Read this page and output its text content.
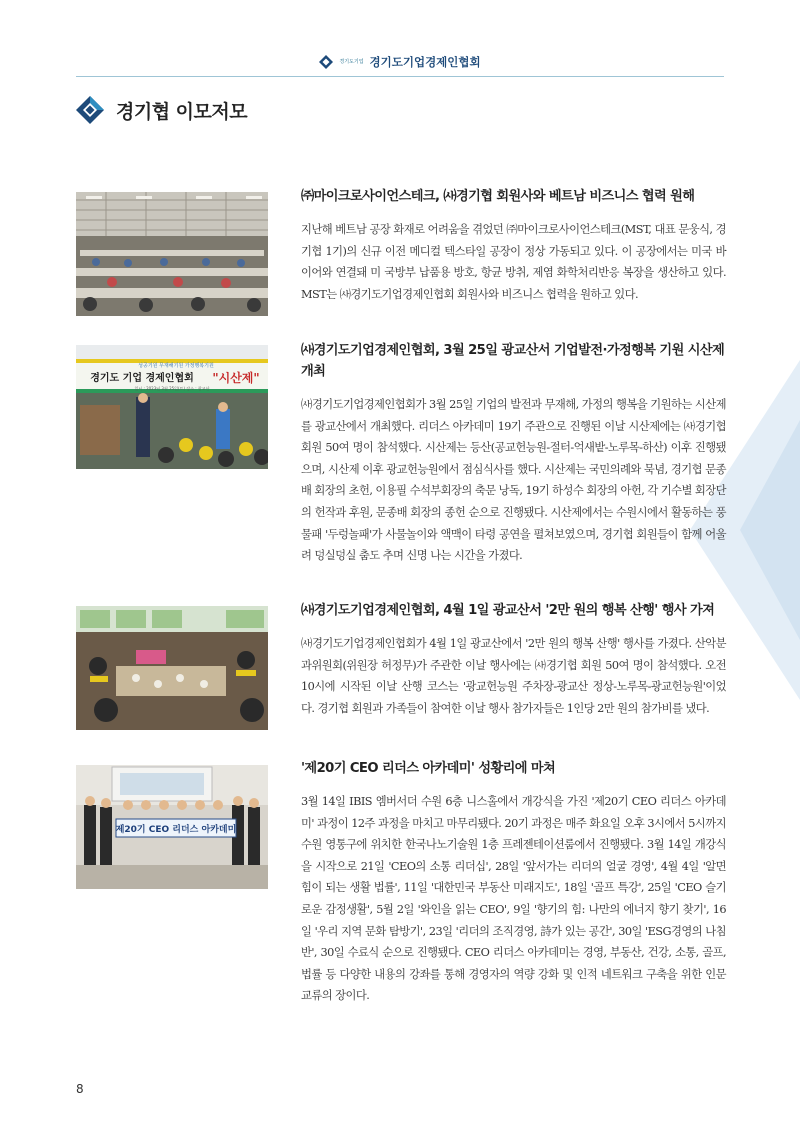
경기도기업 경기도기업경제인협회
경기협 이모저모
성공기원 무재해기원 가정행복기원
경기도 기업 경제인협회 "시산제"
일시 : 2023년 3월 25일(토) 장소 : 광교산
제20기 CEO 리더스 아카데미
㈜마이크로사이언스테크, ㈔경기협 회원사와 베트남 비즈니스 협력 원해

지난해 베트남 공장 화재로 어려움을 겪었던 ㈜마이크로사이언스테크(MST, 대표 문웅식, 경기협 1기)의 신규 이전 메디컬 텍스타일 공장이 정상 가동되고 있다. 이 공장에서는 미국 바이어와 연결돼 미 국방부 납품용 방호, 항균 방취, 제염 화학처리반응 복장을 생산하고 있다. MST는 ㈔경기도기업경제인협회 회원사와 비즈니스 협력을 원하고 있다.

㈔경기도기업경제인협회, 3월 25일 광교산서 기업발전·가정행복 기원 시산제 개최

㈔경기도기업경제인협회가 3월 25일 기업의 발전과 무재해, 가정의 행복을 기원하는 시산제를 광교산에서 개최했다. 리더스 아카데미 19기 주관으로 진행된 이날 시산제에는 ㈔경기협 회원 50여 명이 참석했다. 시산제는 등산(공교헌능원-절터-억새밭-노루목-하산) 이후 진행됐으며, 시산제 이후 광교헌능원에서 점심식사를 했다. 시산제는 국민의례와 묵념, 경기협 문종배 회장의 초헌, 이용필 수석부회장의 축문 낭독, 19기 하성수 회장의 아헌, 각 기수별 회장단의 헌작과 후원, 문종배 회장의 종헌 순으로 진행됐다. 시산제에서는 수원시에서 활동하는 풍물패 '두렁놀패'가 사물놀이와 액맥이 타령 공연을 펼쳐보였으며, 경기협 회원들이 함께 어울려 덩실덩실 춤도 추며 신명 나는 시간을 가졌다.

㈔경기도기업경제인협회, 4월 1일 광교산서 '2만 원의 행복 산행' 행사 가져

㈔경기도기업경제인협회가 4월 1일 광교산에서 '2만 원의 행복 산행' 행사를 가졌다. 산악분과위원회(위원장 허정무)가 주관한 이날 행사에는 ㈔경기협 회원 50여 명이 참석했다. 오전 10시에 시작된 이날 산행 코스는 '광교헌능원 주차장-광교산 정상-노루목-광교헌능원'이었다. 경기협 회원과 가족들이 참여한 이날 행사 참가자들은 1인당 2만 원의 참가비를 냈다.

'제20기 CEO 리더스 아카데미' 성황리에 마쳐

3월 14일 IBIS 엠버서더 수원 6층 니스홀에서 개강식을 가진 '제20기 CEO 리더스 아카데미' 과정이 12주 과정을 마치고 마무리됐다. 20기 과정은 매주 화요일 오후 3시에서 5시까지 수원 영통구에 위치한 한국나노기술원 1층 프레젠테이션룸에서 진행됐다. 3월 14일 개강식을 시작으로 21일 'CEO의 소통 리더십', 28일 '앞서가는 리더의 얼굴 경영', 4월 4일 '알면 힘이 되는 생활 법률', 11일 '대한민국 부동산 미래지도', 18일 '골프 특강', 25일 'CEO 슬기로운 감정생활', 5월 2일 '와인을 읽는 CEO', 9일 '향기의 힘: 나만의 에너지 향기 찾기', 16일 '우리 지역 문화 탐방기', 23일 '리더의 조직경영, 詩가 있는 공간', 30일 'ESG경영의 나침반', 30일 수료식 순으로 진행됐다. CEO 리더스 아카데미는 경영, 부동산, 건강, 소통, 골프, 법률 등 다양한 내용의 강좌를 통해 경영자의 역량 강화 및 인적 네트워크 구축을 위한 인문 교류의 장이다.

8
